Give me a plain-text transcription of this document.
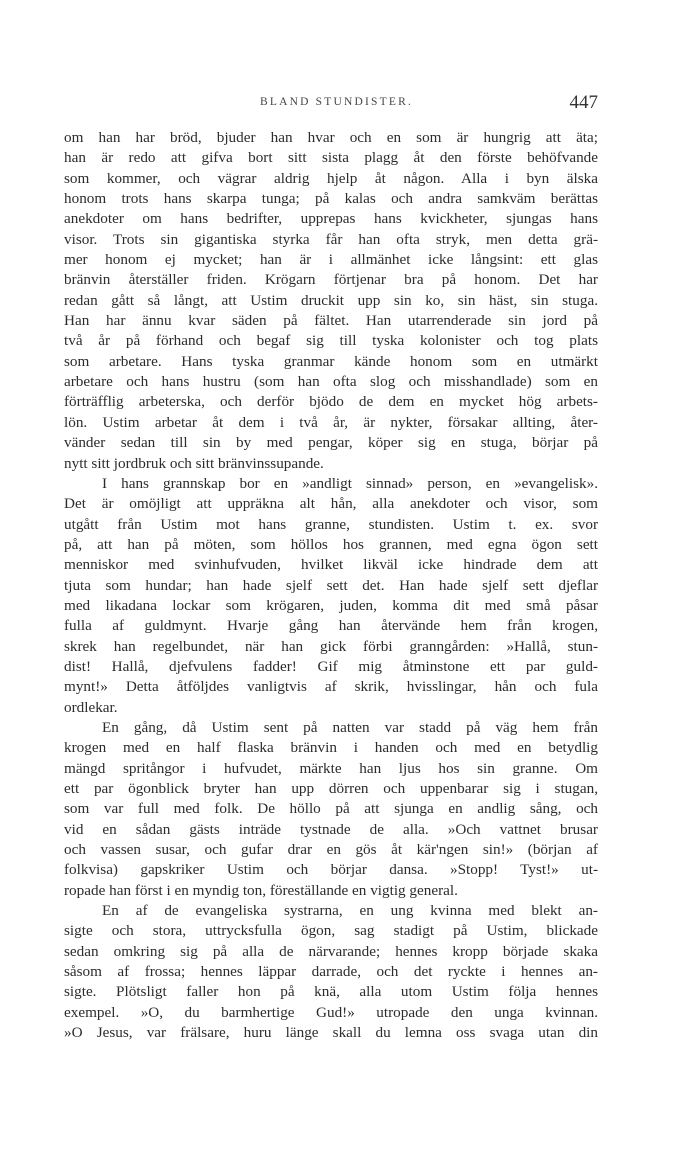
BLAND STUNDISTER.	447
om han har bröd, bjuder han hvar och en som är hungrig att äta;
han är redo att gifva bort sitt sista plagg åt den förste behöfvande
som kommer, och vägrar aldrig hjelp åt någon. Alla i byn älska
honom trots hans skarpa tunga; på kalas och andra samkväm berättas
anekdoter om hans bedrifter, upprepas hans kvickheter, sjungas hans
visor. Trots sin gigantiska styrka får han ofta stryk, men detta grä-
mer honom ej mycket; han är i allmänhet icke långsint: ett glas
bränvin återställer friden. Krögarn förtjenar bra på honom. Det har
redan gått så långt, att Ustim druckit upp sin ko, sin häst, sin stuga.
Han har ännu kvar säden på fältet. Han utarrenderade sin jord på
två år på förhand och begaf sig till tyska kolonister och tog plats
som arbetare. Hans tyska granmar kände honom som en utmärkt
arbetare och hans hustru (som han ofta slog och misshandlade) som en
förträfflig arbeterska, och derför bjödo de dem en mycket hög arbets-
lön. Ustim arbetar åt dem i två år, är nykter, försakar allting, åter-
vänder sedan till sin by med pengar, köper sig en stuga, börjar på
nytt sitt jordbruk och sitt bränvinssupande.
I hans grannskap bor en »andligt sinnad» person, en »evangelisk».
Det är omöjligt att uppräkna alt hån, alla anekdoter och visor, som
utgått från Ustim mot hans granne, stundisten. Ustim t. ex. svor
på, att han på möten, som höllos hos grannen, med egna ögon sett
menniskor med svinhufvuden, hvilket likväl icke hindrade dem att
tjuta som hundar; han hade sjelf sett det. Han hade sjelf sett djeflar
med likadana lockar som krögaren, juden, komma dit med små påsar
fulla af guldmynt. Hvarje gång han återvände hem från krogen,
skrek han regelbundet, när han gick förbi granngården: »Hallå, stun-
dist! Hallå, djefvulens fadder! Gif mig åtminstone ett par guld-
mynt!» Detta åtföljdes vanligtvis af skrik, hvisslingar, hån och fula
ordlekar.
En gång, då Ustim sent på natten var stadd på väg hem från
krogen med en half flaska bränvin i handen och med en betydlig
mängd spritångor i hufvudet, märkte han ljus hos sin granne. Om
ett par ögonblick bryter han upp dörren och uppenbarar sig i stugan,
som var full med folk. De höllo på att sjunga en andlig sång, och
vid en sådan gästs inträde tystnade de alla. »Och vattnet brusar
och vassen susar, och gufar drar en gös åt kär'ngen sin!» (början af
folkvisa) gapskriker Ustim och börjar dansa. »Stopp! Tyst!» ut-
ropade han först i en myndig ton, föreställande en vigtig general.
En af de evangeliska systrarna, en ung kvinna med blekt an-
sigte och stora, uttrycksfulla ögon, sag stadigt på Ustim, blickade
sedan omkring sig på alla de närvarande; hennes kropp började skaka
såsom af frossa; hennes läppar darrade, och det ryckte i hennes an-
sigte. Plötsligt faller hon på knä, alla utom Ustim följa hennes
exempel. »O, du barmhertige Gud!» utropade den unga kvinnan.
»O Jesus, var frälsare, huru länge skall du lemna oss svaga utan din
